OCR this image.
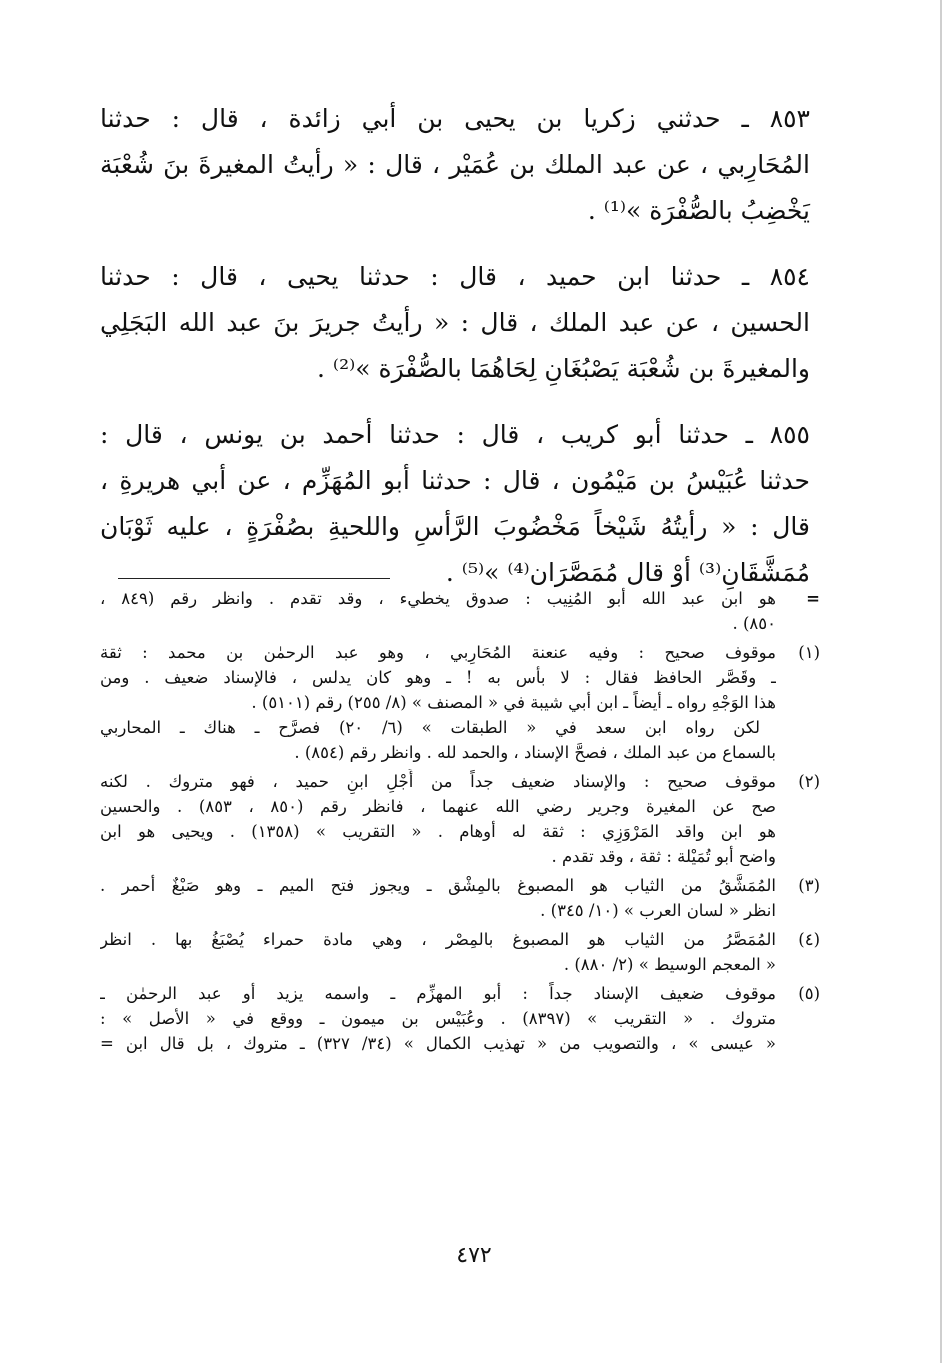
٨٥٣ ـ حدثني زكريا بن يحيى بن أبي زائدة ، قال : حدثنا
المُحَارِبي ، عن عبد الملك بن عُمَيْر ، قال : « رأيتُ المغيرةَ بنَ شُعْبَة
يَخْضِبُ بالصُّفْرَة »⁽¹⁾ .

٨٥٤ ـ حدثنا ابن حميد ، قال : حدثنا يحيى ، قال : حدثنا
الحسين ، عن عبد الملك ، قال : « رأيتُ جريرَ بنَ عبد الله البَجَلِي
والمغيرةَ بن شُعْبَة يَصْبُغَانِ لِحَاهُمَا بالصُّفْرَة »⁽²⁾ .

٨٥٥ ـ حدثنا أبو كريب ، قال : حدثنا أحمد بن يونس ، قال :
حدثنا عُبَيْسُ بن مَيْمُون ، قال : حدثنا أبو المُهَزِّم ، عن أبي هريرةِ ،
قال : « رأيتُهُ شَيْخاً مَخْضُوبَ الرَّأسِ واللحيةِ بصُفْرَةٍ ، عليه ثَوْبَان
مُمَشَّقَانِ⁽³⁾ أوْ قال مُمَصَّرَان⁽⁴⁾ »⁽⁵⁾ .

=
هو ابن عبد الله أبو المُنِيب : صدوق يخطيء ، وقد تقدم . وانظر رقم (٨٤٩ ،
٨٥٠) .
(١)
موقوف صحيح : وفيه عنعنة المُحَارِبي ، وهو عبد الرحمٰن بن محمد : ثقة
ـ وقَصَّر الحافظ فقال : لا بأس به ! ـ وهو كان يدلس ، فالإسناد ضعيف . ومن
هذا الوَجْهِ رواه ـ أيضاً ـ ابن أبي شيبة في « المصنف » (٨/ ٢٥٥) رقم (٥١٠١) .
لكن رواه ابن سعد في « الطبقات » (٦/ ٢٠) فصرَّح ـ هناك ـ المحاربي
بالسماع من عبد الملك ، فصحَّ الإسناد ، والحمد لله . وانظر رقم (٨٥٤) .
(٢)
موقوف صحيح : والإسناد ضعيف جداً من أَجْلِ ابنِ حميد ، فهو متروك . لكنه
صح عن المغيرة وجرير رضي الله عنهما ، فانظر رقم (٨٥٠ ، ٨٥٣) . والحسين
هو ابن واقد المَرْوَزِي : ثقة له أوهام . « التقريب » (١٣٥٨) . ويحيى هو ابن
واضح أبو تُمَيْلة : ثقة ، وقد تقدم .
(٣)
المُمَشَّقُ من الثياب هو المصبوغ بالمِشْق ـ ويجوز فتح الميم ـ وهو صَبْغٌ أحمر .
انظر « لسان العرب » (١٠/ ٣٤٥) .
(٤)
المُمَصَّرُ من الثياب هو المصبوغ بالمِصْر ، وهي مادة حمراء يُصْبَغُ بها . انظر
« المعجم الوسيط » (٢/ ٨٨٠) .
(٥)
موقوف ضعيف الإسناد جداً : أبو المهزِّم ـ واسمه يزيد أو عبد الرحمٰن ـ
متروك . « التقريب » (٨٣٩٧) . وعُبَيْس بن ميمون ـ ووقع في « الأصل » :
« عيسى » ، والتصويب من « تهذيب الكمال » (٣٤/ ٣٢٧) ـ متروك ، بل قال ابن =
٤٧٢
